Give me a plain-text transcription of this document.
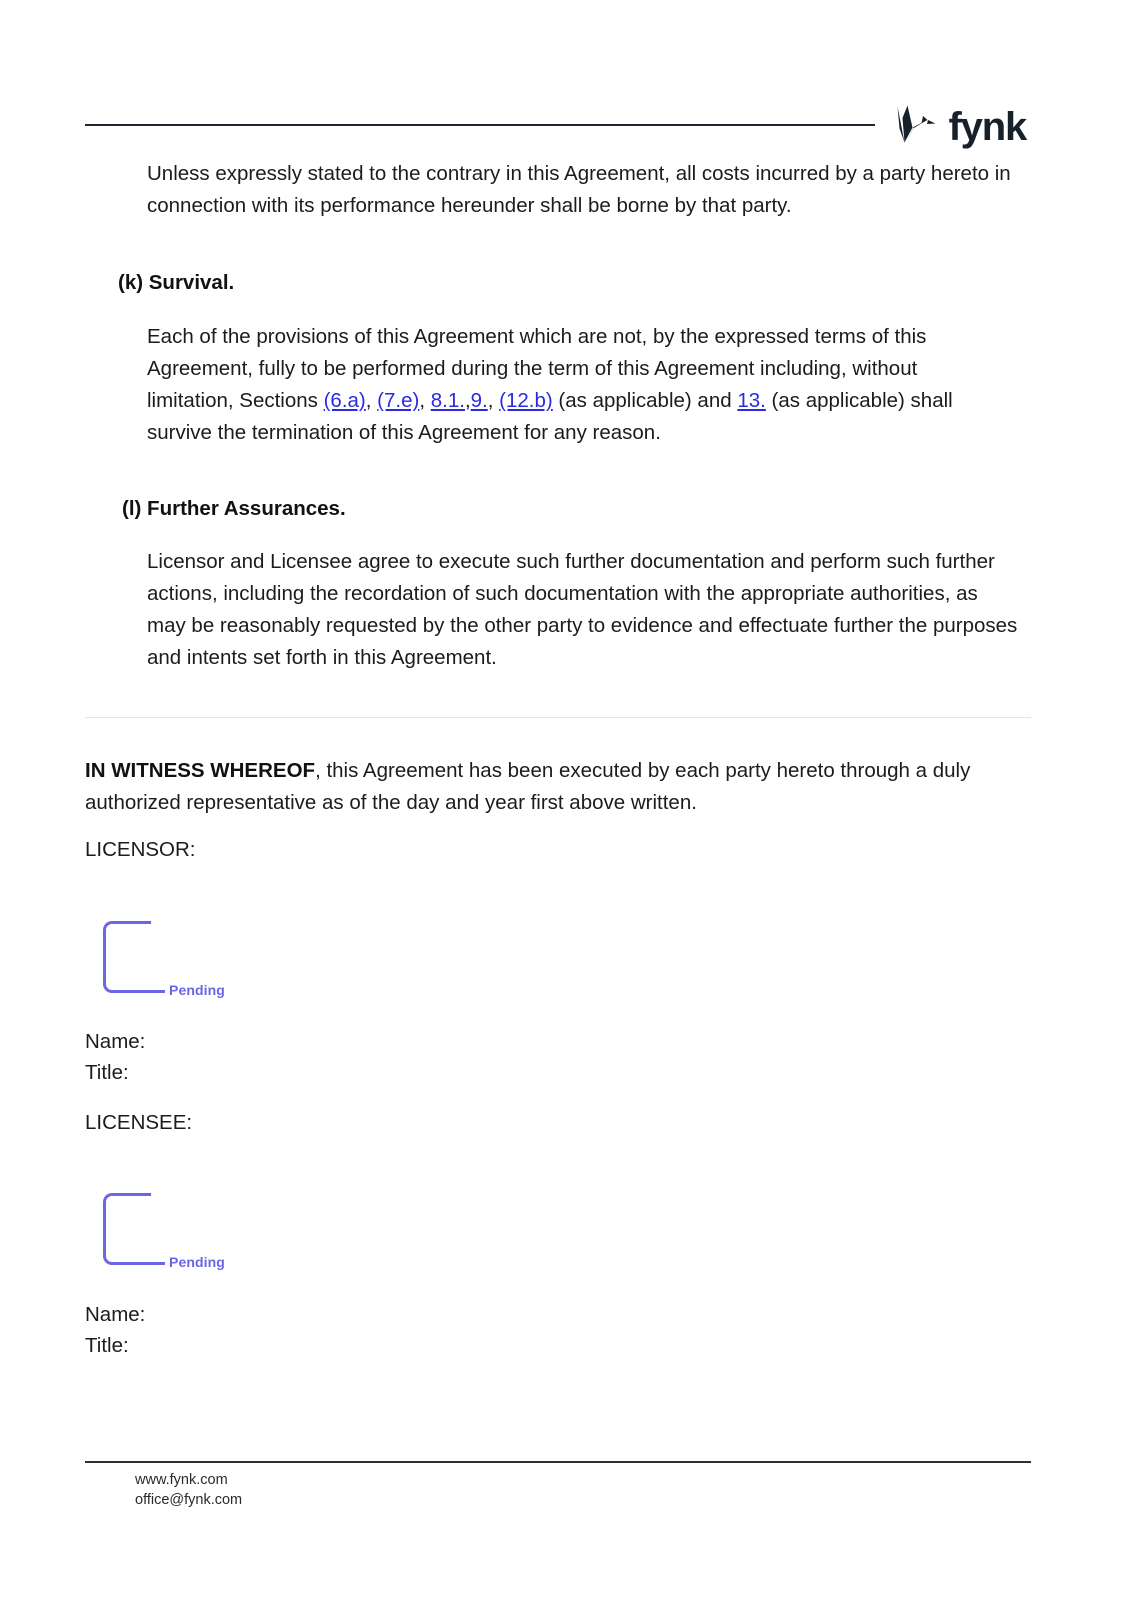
fynk

Unless expressly stated to the contrary in this Agreement, all costs incurred by a party hereto in connection with its performance hereunder shall be borne by that party.

(k) Survival.

Each of the provisions of this Agreement which are not, by the expressed terms of this Agreement, fully to be performed during the term of this Agreement including, without limitation, Sections (6.a), (7.e), 8.1.,9., (12.b) (as applicable) and 13. (as applicable) shall survive the termination of this Agreement for any reason.

(l) Further Assurances.

Licensor and Licensee agree to execute such further documentation and perform such further actions, including the recordation of such documentation with the appropriate authorities, as may be reasonably requested by the other party to evidence and effectuate further the purposes and intents set forth in this Agreement.

IN WITNESS WHEREOF, this Agreement has been executed by each party hereto through a duly authorized representative as of the day and year first above written.

LICENSOR:

Pending

Name:

Title:

LICENSEE:

Pending

Name:

Title:

www.fynk.com
office@fynk.com
